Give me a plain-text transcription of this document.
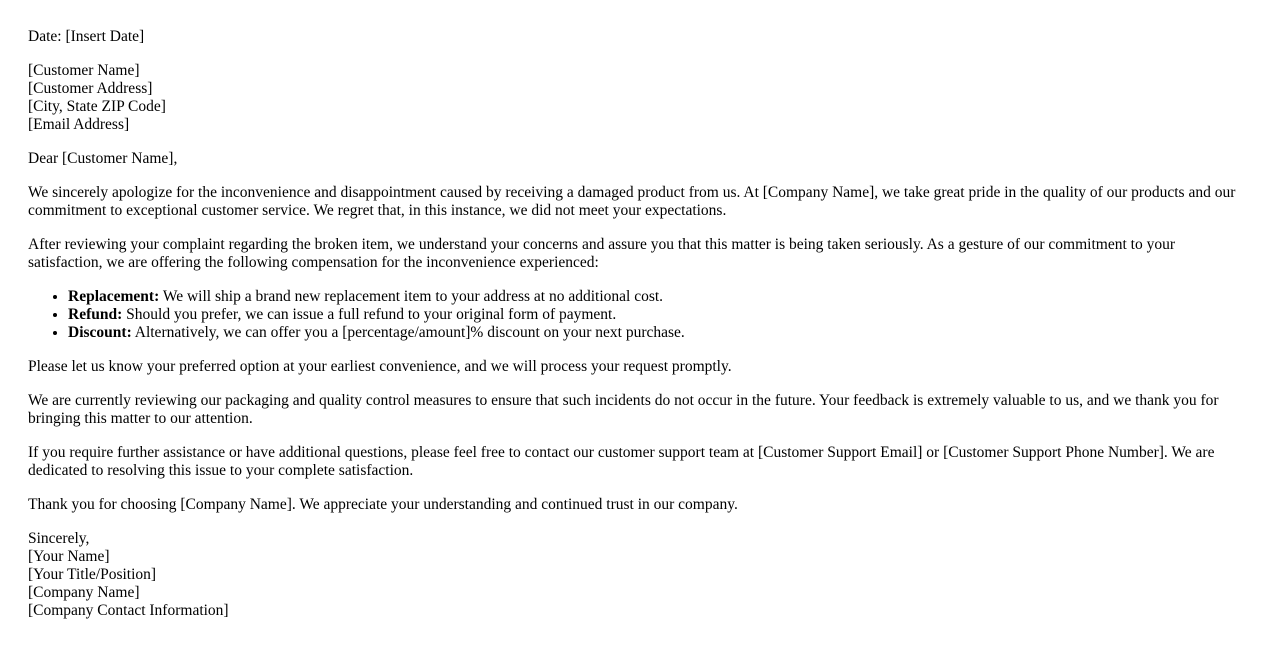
Date: [Insert Date]

[Customer Name]
[Customer Address]
[City, State ZIP Code]
[Email Address]

Dear [Customer Name],

We sincerely apologize for the inconvenience and disappointment caused by receiving a damaged product from us. At [Company Name], we take great pride in the quality of our products and our commitment to exceptional customer service. We regret that, in this instance, we did not meet your expectations.

After reviewing your complaint regarding the broken item, we understand your concerns and assure you that this matter is being taken seriously. As a gesture of our commitment to your satisfaction, we are offering the following compensation for the inconvenience experienced:

• Replacement: We will ship a brand new replacement item to your address at no additional cost.
• Refund: Should you prefer, we can issue a full refund to your original form of payment.
• Discount: Alternatively, we can offer you a [percentage/amount]% discount on your next purchase.

Please let us know your preferred option at your earliest convenience, and we will process your request promptly.

We are currently reviewing our packaging and quality control measures to ensure that such incidents do not occur in the future. Your feedback is extremely valuable to us, and we thank you for bringing this matter to our attention.

If you require further assistance or have additional questions, please feel free to contact our customer support team at [Customer Support Email] or [Customer Support Phone Number]. We are dedicated to resolving this issue to your complete satisfaction.

Thank you for choosing [Company Name]. We appreciate your understanding and continued trust in our company.

Sincerely,
[Your Name]
[Your Title/Position]
[Company Name]
[Company Contact Information]
